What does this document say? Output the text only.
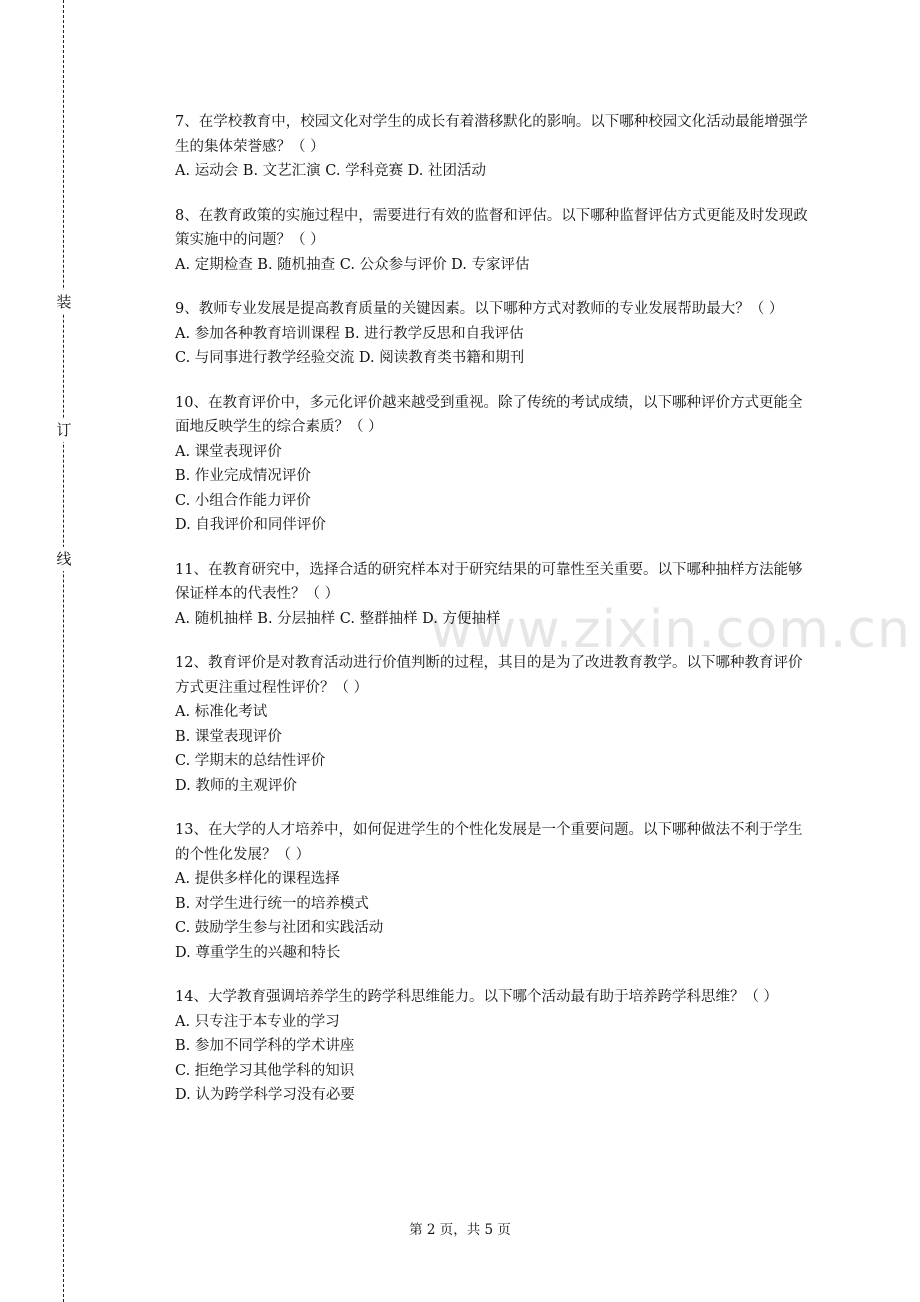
装
订
线
www.zixin.com.cn

7、在学校教育中，校园文化对学生的成长有着潜移默化的影响。以下哪种校园文化活动最能增强学生的集体荣誉感？（ ）

A. 运动会 B. 文艺汇演 C. 学科竞赛 D. 社团活动

8、在教育政策的实施过程中，需要进行有效的监督和评估。以下哪种监督评估方式更能及时发现政策实施中的问题？（ ）

A. 定期检查 B. 随机抽查 C. 公众参与评价 D. 专家评估

9、教师专业发展是提高教育质量的关键因素。以下哪种方式对教师的专业发展帮助最大？（ ）

A. 参加各种教育培训课程 B. 进行教学反思和自我评估

C. 与同事进行教学经验交流 D. 阅读教育类书籍和期刊

10、在教育评价中，多元化评价越来越受到重视。除了传统的考试成绩，以下哪种评价方式更能全面地反映学生的综合素质？（ ）

A. 课堂表现评价

B. 作业完成情况评价

C. 小组合作能力评价

D. 自我评价和同伴评价

11、在教育研究中，选择合适的研究样本对于研究结果的可靠性至关重要。以下哪种抽样方法能够保证样本的代表性？（ ）

A. 随机抽样 B. 分层抽样 C. 整群抽样 D. 方便抽样

12、教育评价是对教育活动进行价值判断的过程，其目的是为了改进教育教学。以下哪种教育评价方式更注重过程性评价？（ ）

A. 标准化考试

B. 课堂表现评价

C. 学期末的总结性评价

D. 教师的主观评价

13、在大学的人才培养中，如何促进学生的个性化发展是一个重要问题。以下哪种做法不利于学生的个性化发展？（ ）

A. 提供多样化的课程选择

B. 对学生进行统一的培养模式

C. 鼓励学生参与社团和实践活动

D. 尊重学生的兴趣和特长

14、大学教育强调培养学生的跨学科思维能力。以下哪个活动最有助于培养跨学科思维？（ ）

A. 只专注于本专业的学习

B. 参加不同学科的学术讲座

C. 拒绝学习其他学科的知识

D. 认为跨学科学习没有必要

第 2 页，共 5 页
